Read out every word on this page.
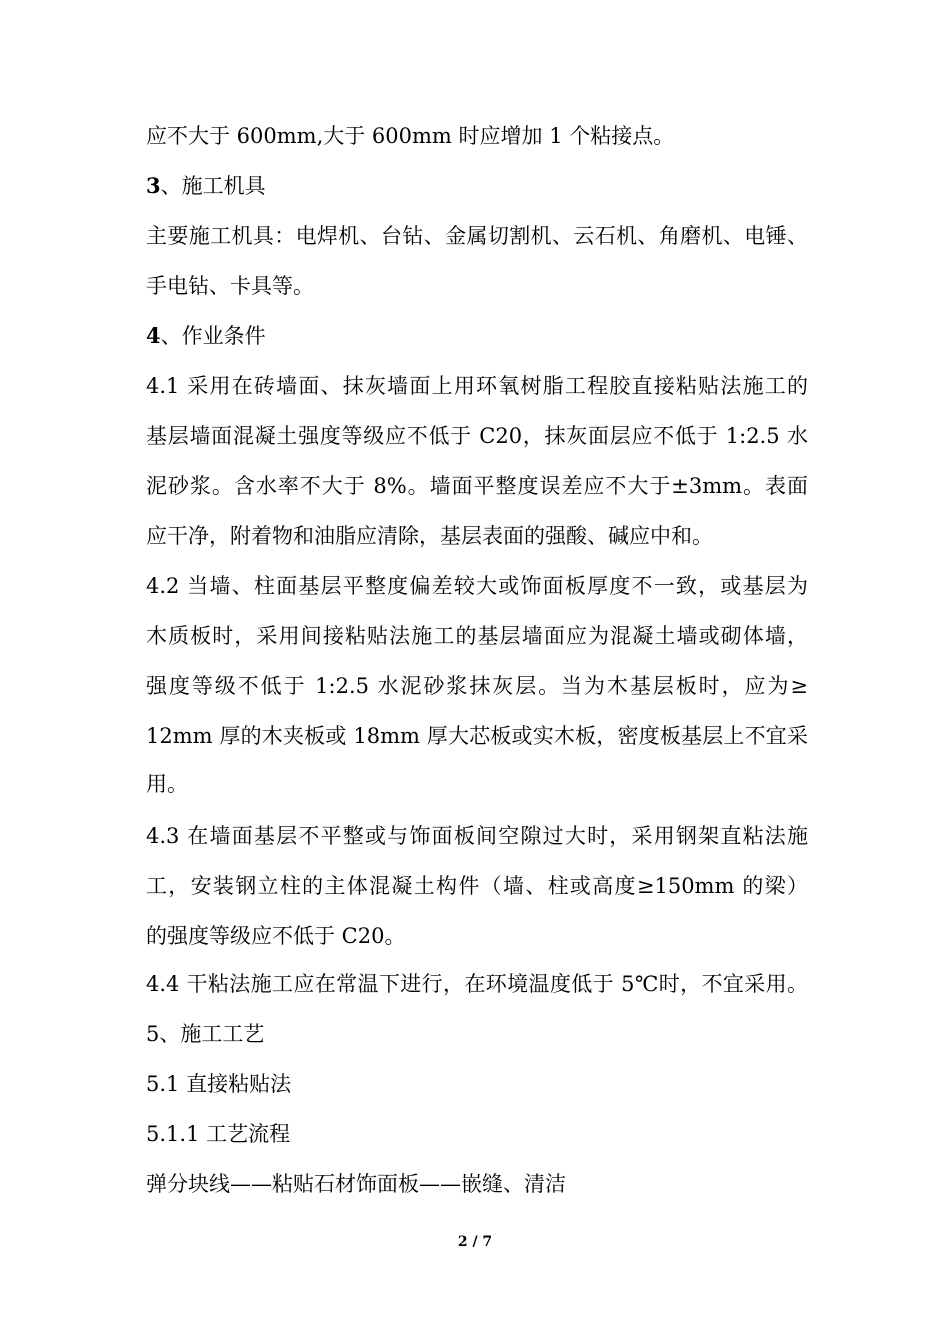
应不大于 600mm,大于 600mm 时应增加 1 个粘接点。
3、施工机具
主要施工机具：电焊机、台钻、金属切割机、云石机、角磨机、电锤、
手电钻、卡具等。
4、作业条件
4.1 采用在砖墙面、抹灰墙面上用环氧树脂工程胶直接粘贴法施工的
基层墙面混凝土强度等级应不低于 C20，抹灰面层应不低于 1:2.5 水
泥砂浆。含水率不大于 8%。墙面平整度误差应不大于±3mm。表面
应干净，附着物和油脂应清除，基层表面的强酸、碱应中和。
4.2 当墙、柱面基层平整度偏差较大或饰面板厚度不一致，或基层为
木质板时，采用间接粘贴法施工的基层墙面应为混凝土墙或砌体墙，
强度等级不低于 1:2.5 水泥砂浆抹灰层。当为木基层板时，应为≥
12mm 厚的木夹板或 18mm 厚大芯板或实木板，密度板基层上不宜采
用。
4.3 在墙面基层不平整或与饰面板间空隙过大时，采用钢架直粘法施
工，安装钢立柱的主体混凝土构件（墙、柱或高度≥150mm 的梁）
的强度等级应不低于 C20。
4.4 干粘法施工应在常温下进行，在环境温度低于 5℃时，不宜采用。
5、施工工艺
5.1 直接粘贴法
5.1.1 工艺流程
弹分块线——粘贴石材饰面板——嵌缝、清洁
2 / 7
